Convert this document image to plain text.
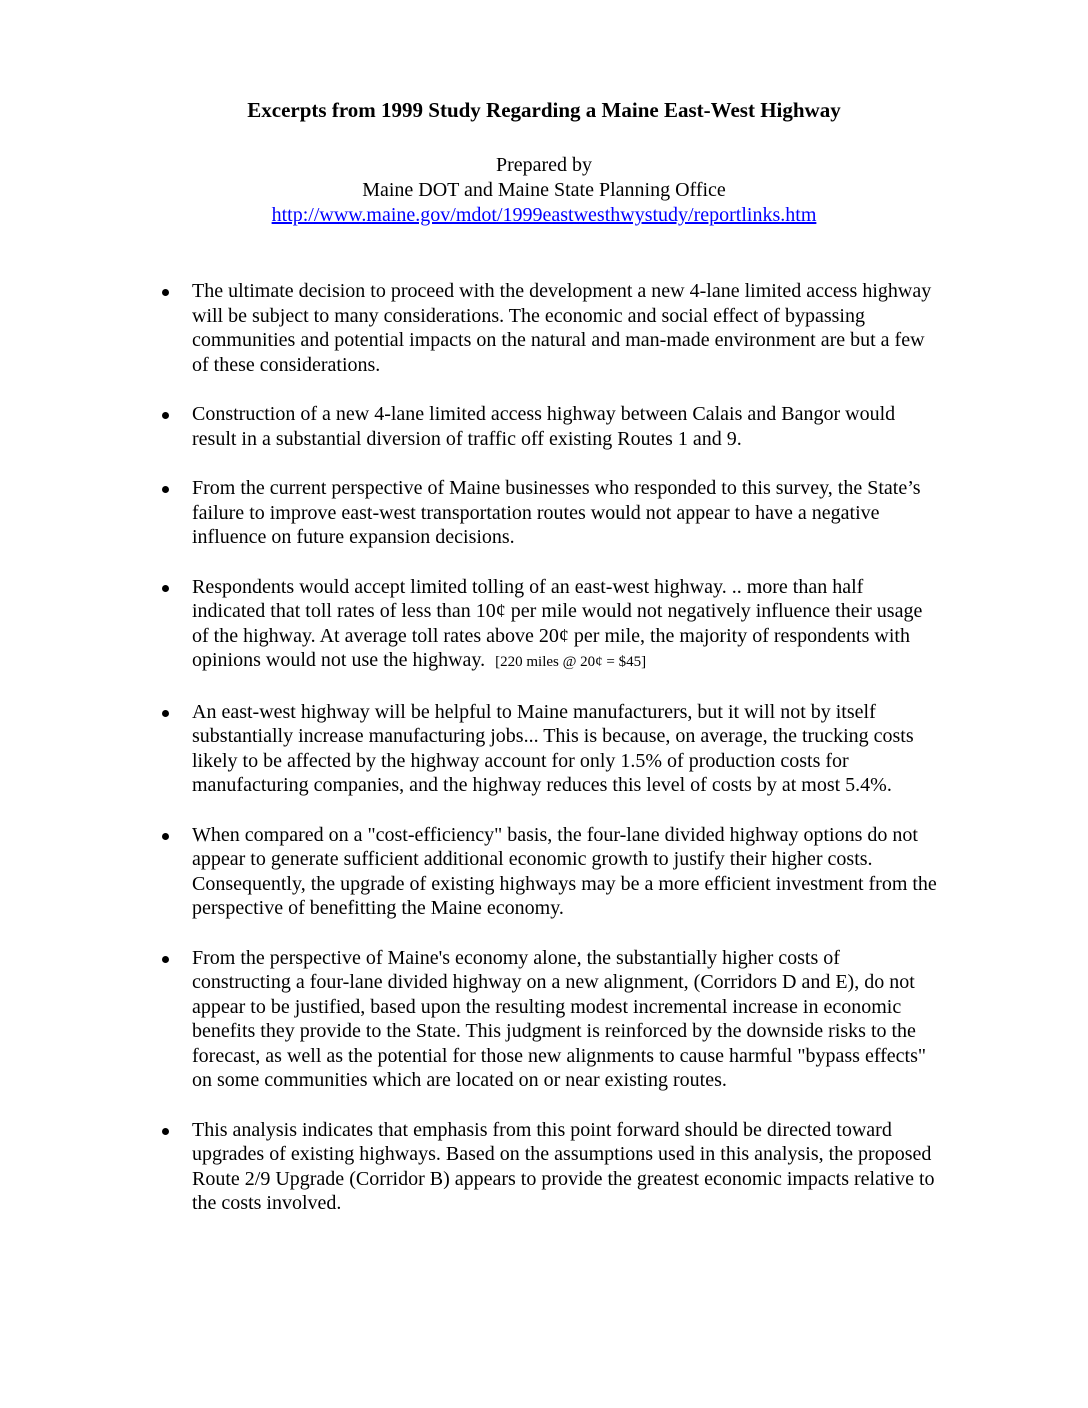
Excerpts from 1999 Study Regarding a Maine East-West Highway
Prepared by
Maine DOT and Maine State Planning Office
http://www.maine.gov/mdot/1999eastwesthwystudy/reportlinks.htm
The ultimate decision to proceed with the development a new 4-lane limited access highway will be subject to many considerations. The economic and social effect of bypassing communities and potential impacts on the natural and man-made environment are but a few of these considerations.
Construction of a new 4-lane limited access highway between Calais and Bangor would result in a substantial diversion of traffic off existing Routes 1 and 9.
From the current perspective of Maine businesses who responded to this survey, the State’s failure to improve east-west transportation routes would not appear to have a negative influence on future expansion decisions.
Respondents would accept limited tolling of an east-west highway. .. more than half indicated that toll rates of less than 10¢ per mile would not negatively influence their usage of the highway. At average toll rates above 20¢ per mile, the majority of respondents with opinions would not use the highway. [220 miles @ 20¢ = $45]
An east-west highway will be helpful to Maine manufacturers, but it will not by itself substantially increase manufacturing jobs... This is because, on average, the trucking costs likely to be affected by the highway account for only 1.5% of production costs for manufacturing companies, and the highway reduces this level of costs by at most 5.4%.
When compared on a "cost-efficiency" basis, the four-lane divided highway options do not appear to generate sufficient additional economic growth to justify their higher costs. Consequently, the upgrade of existing highways may be a more efficient investment from the perspective of benefitting the Maine economy.
From the perspective of Maine's economy alone, the substantially higher costs of constructing a four-lane divided highway on a new alignment, (Corridors D and E), do not appear to be justified, based upon the resulting modest incremental increase in economic benefits they provide to the State. This judgment is reinforced by the downside risks to the forecast, as well as the potential for those new alignments to cause harmful "bypass effects" on some communities which are located on or near existing routes.
This analysis indicates that emphasis from this point forward should be directed toward upgrades of existing highways. Based on the assumptions used in this analysis, the proposed Route 2/9 Upgrade (Corridor B) appears to provide the greatest economic impacts relative to the costs involved.
